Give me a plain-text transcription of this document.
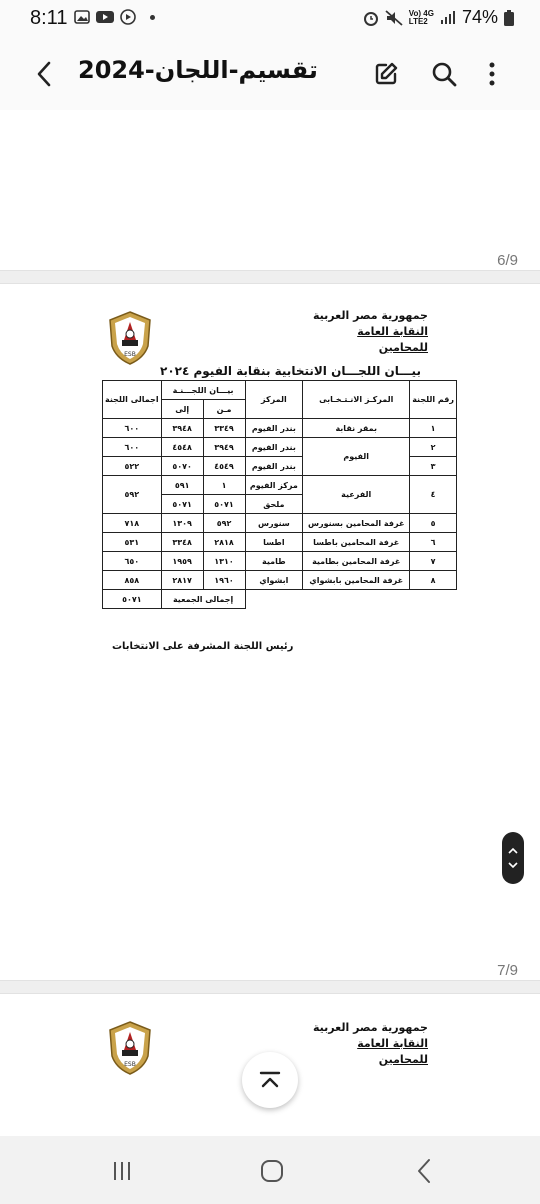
8:11	Vo) 4G
LTE2	74%
تقسيم-اللجان-2024
6/9
جمهورية مصر العربية
النقابة العامة للمحامين
ESB
بيـــان اللجـــان الانتخابية بنقابة الفيوم ٢٠٢٤
رقم اللجنة	المركـز الانـتـخـابى	المركز	بيـــان اللجـــنـة		اجمالى اللجنة
			مـن	إلى	
١	بمقر نقابة	بندر الفيوم	٣٣٤٩	٣٩٤٨	٦٠٠
٢	الفيوم	بندر الفيوم	٣٩٤٩	٤٥٤٨	٦٠٠
٣		بندر الفيوم	٤٥٤٩	٥٠٧٠	٥٢٢
٤	الفرعية	مركز الفيوم	١	٥٩١	٥٩٢
		ملحق	٥٠٧١	٥٠٧١	
٥	غرفة المحامين بسنورس	سنورس	٥٩٢	١٣٠٩	٧١٨
٦	غرفة المحامين باطسا	اطسا	٢٨١٨	٣٣٤٨	٥٣١
٧	غرفة المحامين بطامية	طامية	١٣١٠	١٩٥٩	٦٥٠
٨	غرفة المحامين بابشواي	ابشواي	١٩٦٠	٢٨١٧	٨٥٨
			إجمالى الجمعية		٥٠٧١
رئيس اللجنة المشرفة على الانتخابات
7/9
جمهورية مصر العربية
النقابة العامة للمحامين
ESB
